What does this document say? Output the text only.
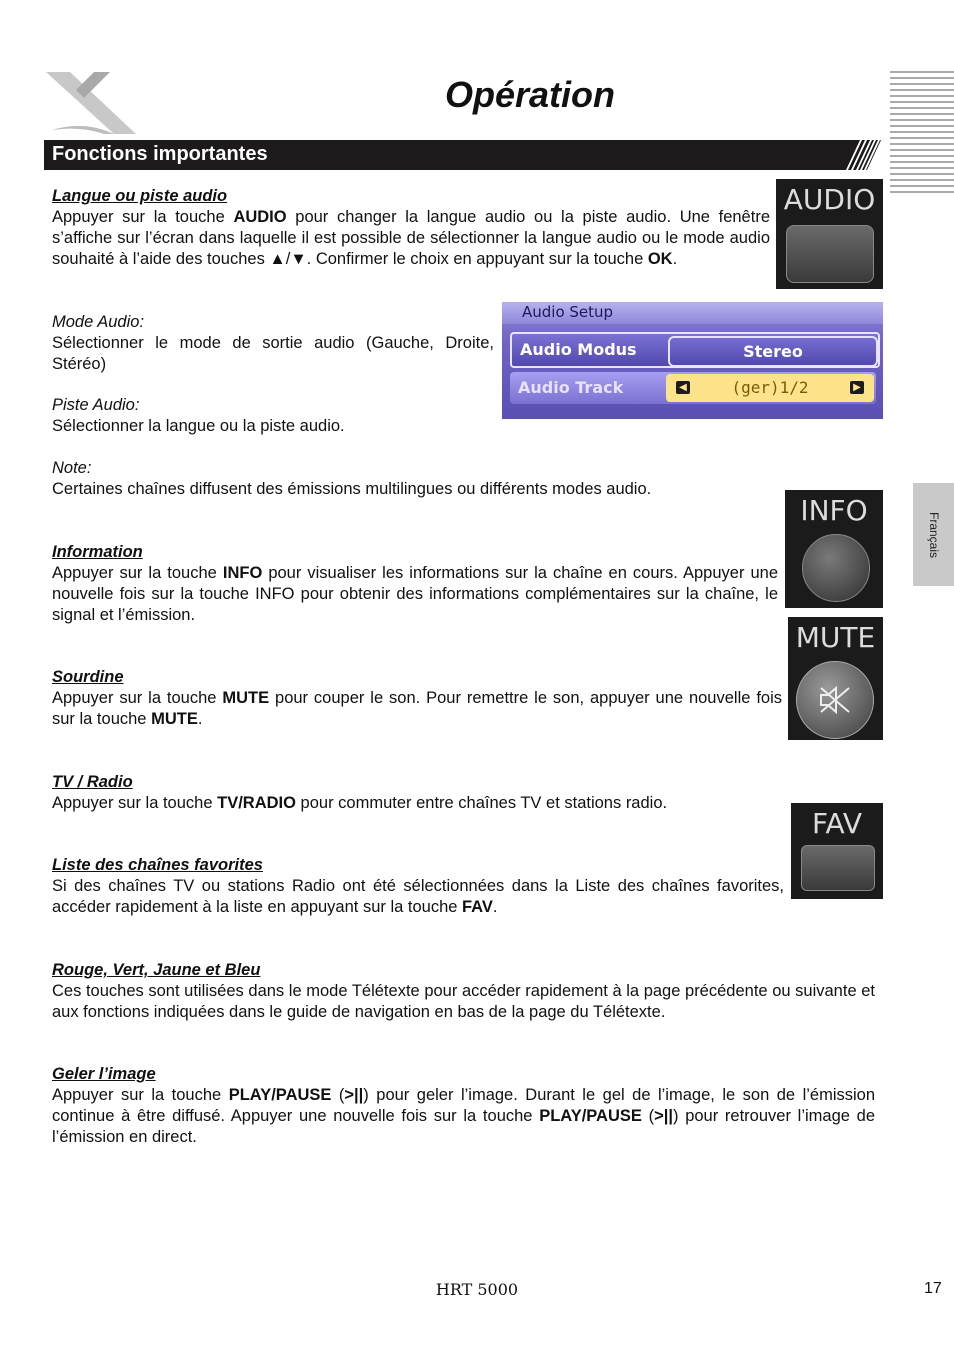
Opération
Fonctions importantes
Français
Langue ou piste audio
Appuyer sur la touche AUDIO pour changer la langue audio ou la piste audio. Une fenêtre s’affiche sur l’écran dans laquelle il est possible de sélectionner la langue audio ou le mode audio souhaité à l’aide des touches ▲/▼. Confirmer le choix en appuyant sur la touche OK.
AUDIO
Mode Audio:
Sélectionner le mode de sortie audio (Gauche, Droite, Stéréo)
Piste Audio:
Sélectionner la langue ou la piste audio.
Note:
Certaines chaînes diffusent des émissions multilingues ou différents modes audio.
Audio Setup
Audio Modus	Stereo
Audio Track	◀	(ger)1/2	▶
Information
Appuyer sur la touche INFO pour visualiser les informations sur la chaîne en cours. Appuyer une nouvelle fois sur la touche INFO pour obtenir des informations complémentaires sur la chaîne, le signal et l’émission.
INFO
Sourdine
Appuyer sur la touche MUTE pour couper le son. Pour remettre le son, appuyer une nouvelle fois sur la touche MUTE.
MUTE
TV / Radio
Appuyer sur la touche TV/RADIO pour commuter entre chaînes TV et stations radio.
Liste des chaînes favorites
Si des chaînes TV ou stations Radio ont été sélectionnées dans la Liste des chaînes favorites, accéder rapidement à la liste en appuyant sur la touche FAV.
FAV
Rouge, Vert, Jaune et Bleu
Ces touches sont utilisées dans le mode Télétexte pour accéder rapidement à la page précédente ou suivante et aux fonctions indiquées dans le guide de navigation en bas de la page du Télétexte.
Geler l’image
Appuyer sur la touche PLAY/PAUSE (>||) pour geler l’image. Durant le gel de l’image, le son de l’émission continue à être diffusé. Appuyer une nouvelle fois sur la touche PLAY/PAUSE (>||) pour retrouver l’image de l’émission en direct.
HRT 5000	17
